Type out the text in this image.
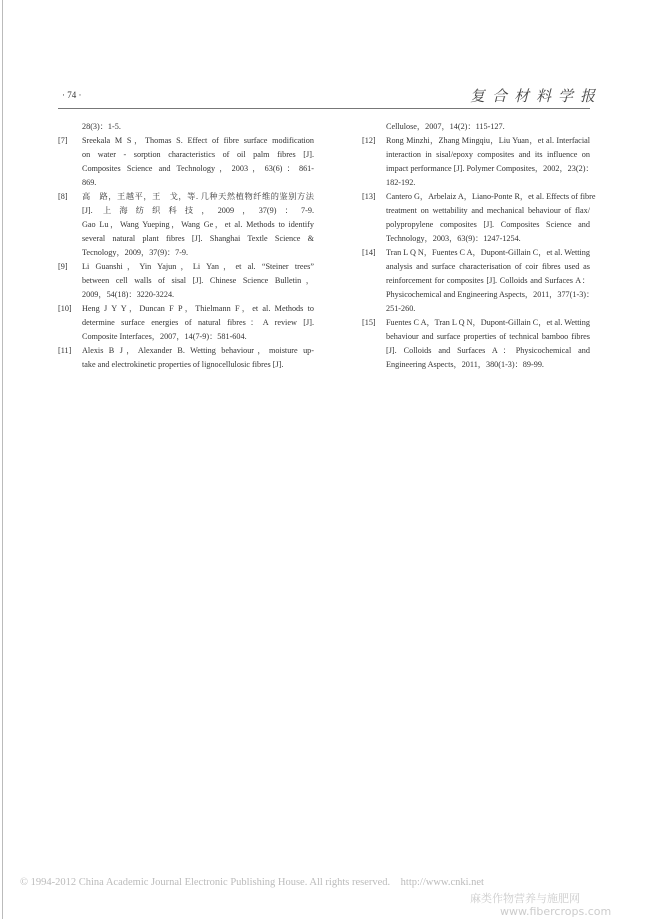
· 74 ·	复合材料学报
28(3)：1-5.
[7] Sreekala M S，Thomas S. Effect of fibre surface modification
on water - sorption characteristics of oil palm fibres [J].
Composites Science and Technology，2003，63(6)：861-
869.
[8] 高　路，王越平，王　戈，等. 几种天然植物纤维的鉴别方法
[J]. 上海纺织科技，2009，37(9)：7-9.
Gao Lu，Wang Yueping，Wang Ge，et al. Methods to identify
several natural plant fibres [J]. Shanghai Textle Science &
Tecnology，2009，37(9)：7-9.
[9] Li Guanshi，Yin Yajun，Li Yan，et al. “Steiner trees”
between cell walls of sisal [J]. Chinese Science Bulletin，
2009，54(18)：3220-3224.
[10] Heng J Y Y，Duncan F P，Thielmann F，et al. Methods to
determine surface energies of natural fibres：A review [J].
Composite Interfaces，2007，14(7-9)：581-604.
[11] Alexis B J，Alexander B. Wetting behaviour，moisture up-
take and electrokinetic properties of lignocellulosic fibres [J].
Cellulose，2007，14(2)：115-127.
[12] Rong Minzhi，Zhang Mingqiu，Liu Yuan，et al. Interfacial
interaction in sisal/epoxy composites and its influence on
impact performance [J]. Polymer Composites，2002，23(2)：
182-192.
[13] Cantero G，Arbelaiz A，Liano-Ponte R，et al. Effects of fibre
treatment on wettability and mechanical behaviour of flax/
polypropylene composites [J]. Composites Science and
Technology，2003，63(9)：1247-1254.
[14] Tran L Q N，Fuentes C A，Dupont-Gillain C，et al. Wetting
analysis and surface characterisation of coir fibres used as
reinforcement for composites [J]. Colloids and Surfaces A：
Physicochemical and Engineering Aspects，2011，377(1-3)：
251-260.
[15] Fuentes C A，Tran L Q N，Dupont-Gillain C，et al. Wetting
behaviour and surface properties of technical bamboo fibres
[J]. Colloids and Surfaces A：Physicochemical and
Engineering Aspects，2011，380(1-3)：89-99.
© 1994-2012 China Academic Journal Electronic Publishing House. All rights reserved.　http://www.cnki.net
麻类作物营养与施肥网
www.fibercrops.com
